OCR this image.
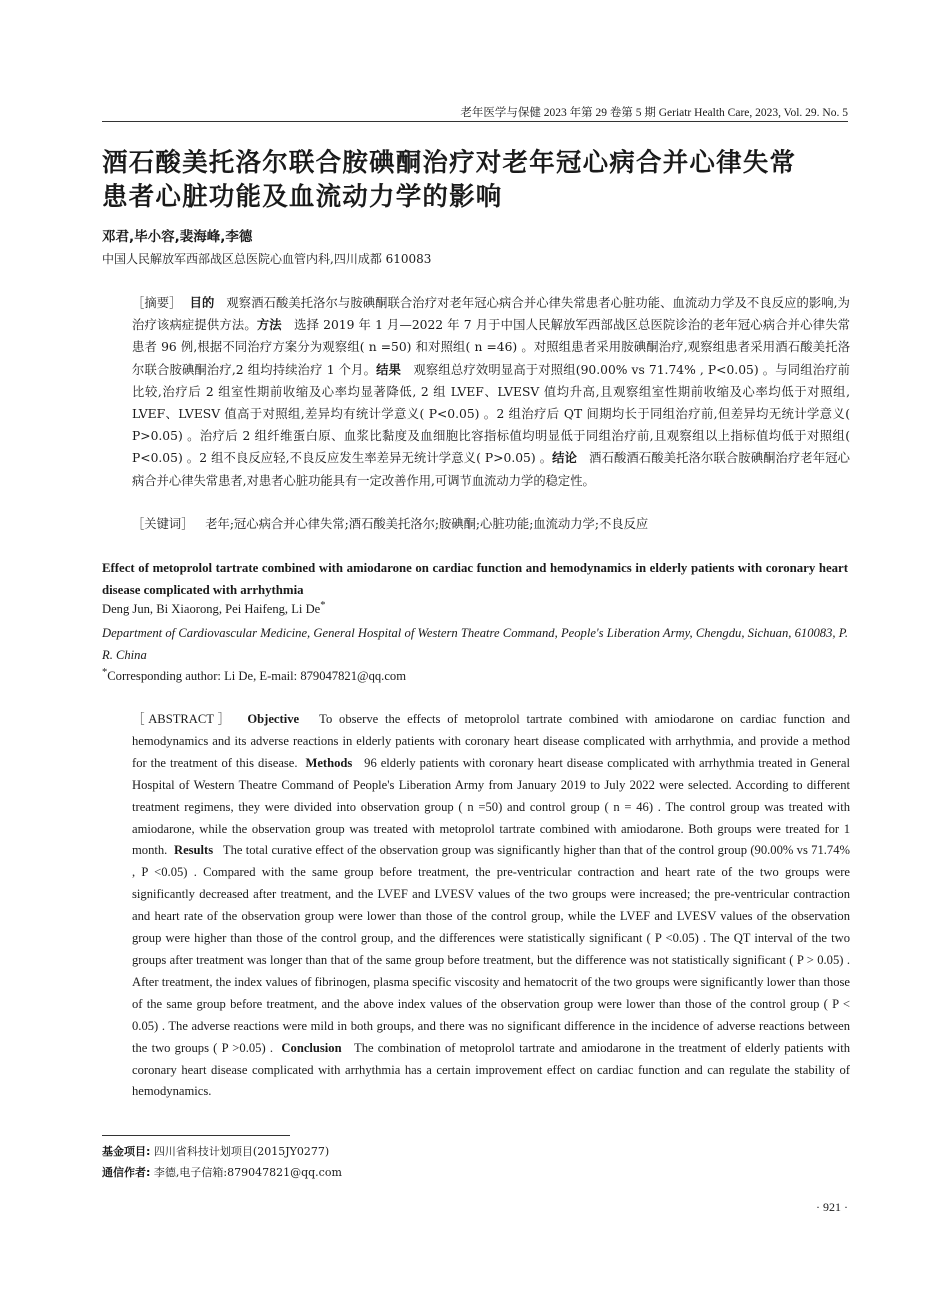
老年医学与保健 2023 年第 29 卷第 5 期 Geriatr Health Care, 2023, Vol. 29. No. 5
酒石酸美托洛尔联合胺碘酮治疗对老年冠心病合并心律失常
患者心脏功能及血流动力学的影响
邓君,毕小容,裴海峰,李德
中国人民解放军西部战区总医院心血管内科,四川成都 610083
［摘要］ 目的 观察酒石酸美托洛尔与胺碘酮联合治疗对老年冠心病合并心律失常患者心脏功能、血流动力学及不良反应的影响,为治疗该病症提供方法。方法 选择 2019 年 1 月—2022 年 7 月于中国人民解放军西部战区总医院诊治的老年冠心病合并心律失常患者 96 例,根据不同治疗方案分为观察组( n =50) 和对照组( n =46) 。对照组患者采用胺碘酮治疗,观察组患者采用酒石酸美托洛尔联合胺碘酮治疗,2 组均持续治疗 1 个月。结果 观察组总疗效明显高于对照组(90.00% vs 71.74% , P<0.05) 。与同组治疗前比较,治疗后 2 组室性期前收缩及心率均显著降低, 2 组 LVEF、LVESV 值均升高,且观察组室性期前收缩及心率均低于对照组, LVEF、LVESV 值高于对照组,差异均有统计学意义( P<0.05) 。2 组治疗后 QT 间期均长于同组治疗前,但差异均无统计学意义( P>0.05) 。治疗后 2 组纤维蛋白原、血浆比黏度及血细胞比容指标值均明显低于同组治疗前,且观察组以上指标值均低于对照组( P<0.05) 。2 组不良反应轻,不良反应发生率差异无统计学意义( P>0.05) 。结论 酒石酸酒石酸美托洛尔联合胺碘酮治疗老年冠心病合并心律失常患者,对患者心脏功能具有一定改善作用,可调节血流动力学的稳定性。
［关键词］ 老年;冠心病合并心律失常;酒石酸美托洛尔;胺碘酮;心脏功能;血流动力学;不良反应
Effect of metoprolol tartrate combined with amiodarone on cardiac function and hemodynamics in elderly patients with coronary heart disease complicated with arrhythmia
Deng Jun, Bi Xiaorong, Pei Haifeng, Li De*
Department of Cardiovascular Medicine, General Hospital of Western Theatre Command, People's Liberation Army, Chengdu, Sichuan, 610083, P. R. China
*Corresponding author: Li De, E-mail: 879047821@qq.com
［ABSTRACT］ Objective To observe the effects of metoprolol tartrate combined with amiodarone on cardiac function and hemodynamics and its adverse reactions in elderly patients with coronary heart disease complicated with arrhythmia, and provide a method for the treatment of this disease. Methods 96 elderly patients with coronary heart disease complicated with arrhythmia treated in General Hospital of Western Theatre Command of People's Liberation Army from January 2019 to July 2022 were selected. According to different treatment regimens, they were divided into observation group ( n =50) and control group ( n = 46) . The control group was treated with amiodarone, while the observation group was treated with metoprolol tartrate combined with amiodarone. Both groups were treated for 1 month. Results The total curative effect of the observation group was significantly higher than that of the control group (90.00% vs 71.74% , P <0.05) . Compared with the same group before treatment, the pre-ventricular contraction and heart rate of the two groups were significantly decreased after treatment, and the LVEF and LVESV values of the two groups were increased; the pre-ventricular contraction and heart rate of the observation group were lower than those of the control group, while the LVEF and LVESV values of the observation group were higher than those of the control group, and the differences were statistically significant ( P <0.05) . The QT interval of the two groups after treatment was longer than that of the same group before treatment, but the difference was not statistically significant ( P > 0.05) . After treatment, the index values of fibrinogen, plasma specific viscosity and hematocrit of the two groups were significantly lower than those of the same group before treatment, and the above index values of the observation group were lower than those of the control group ( P < 0.05) . The adverse reactions were mild in both groups, and there was no significant difference in the incidence of adverse reactions between the two groups ( P >0.05) . Conclusion The combination of metoprolol tartrate and amiodarone in the treatment of elderly patients with coronary heart disease complicated with arrhythmia has a certain improvement effect on cardiac function and can regulate the stability of hemodynamics.
基金项目: 四川省科技计划项目(2015JY0277)
通信作者: 李德,电子信箱:879047821@qq.com
· 921 ·
